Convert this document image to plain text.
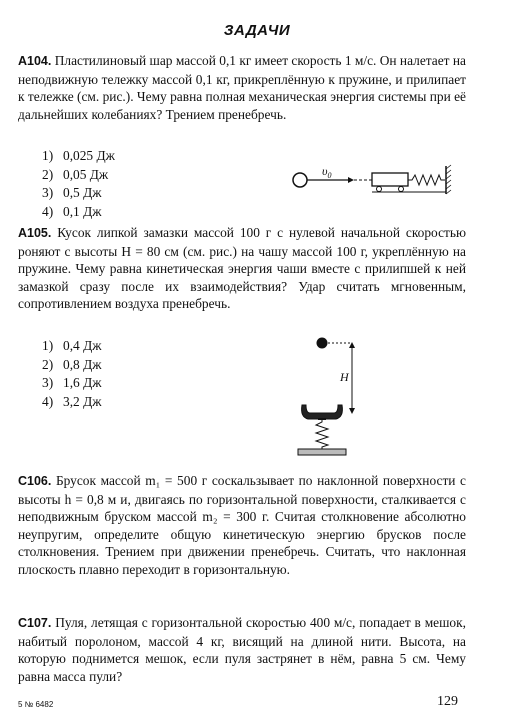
ЗАДАЧИ
А104. Пластилиновый шар массой 0,1 кг имеет скорость 1 м/с. Он налетает на неподвижную тележку массой 0,1 кг, прикреплённую к пружине, и прилипает к тележке (см. рис.). Чему равна полная механическая энергия системы при её дальнейших колебаниях? Трением пренебречь.
1) 0,025 Дж
2) 0,05 Дж
3) 0,5 Дж
4) 0,1 Дж
$\upsilon_0$
А105. Кусок липкой замазки массой 100 г с нулевой начальной скоростью роняют с высоты H = 80 см (см. рис.) на чашу массой 100 г, укреплённую на пружине. Чему равна кинетическая энергия чаши вместе с прилипшей к ней замазкой сразу после их взаимодействия? Удар считать мгновенным, сопротивлением воздуха пренебречь.
1) 0,4 Дж
2) 0,8 Дж
3) 1,6 Дж
4) 3,2 Дж
H
С106. Брусок массой m₁ = 500 г соскальзывает по наклонной поверхности с высоты h = 0,8 м и, двигаясь по горизонтальной поверхности, сталкивается с неподвижным бруском массой m₂ = 300 г. Считая столкновение абсолютно неупругим, определите общую кинетическую энергию брусков после столкновения. Трением при движении пренебречь. Считать, что наклонная плоскость плавно переходит в горизонтальную.
С107. Пуля, летящая с горизонтальной скоростью 400 м/с, попадает в мешок, набитый поролоном, массой 4 кг, висящий на длиной нити. Высота, на которую поднимется мешок, если пуля застрянет в нём, равна 5 см. Чему равна масса пули?
5 № 6482	129
